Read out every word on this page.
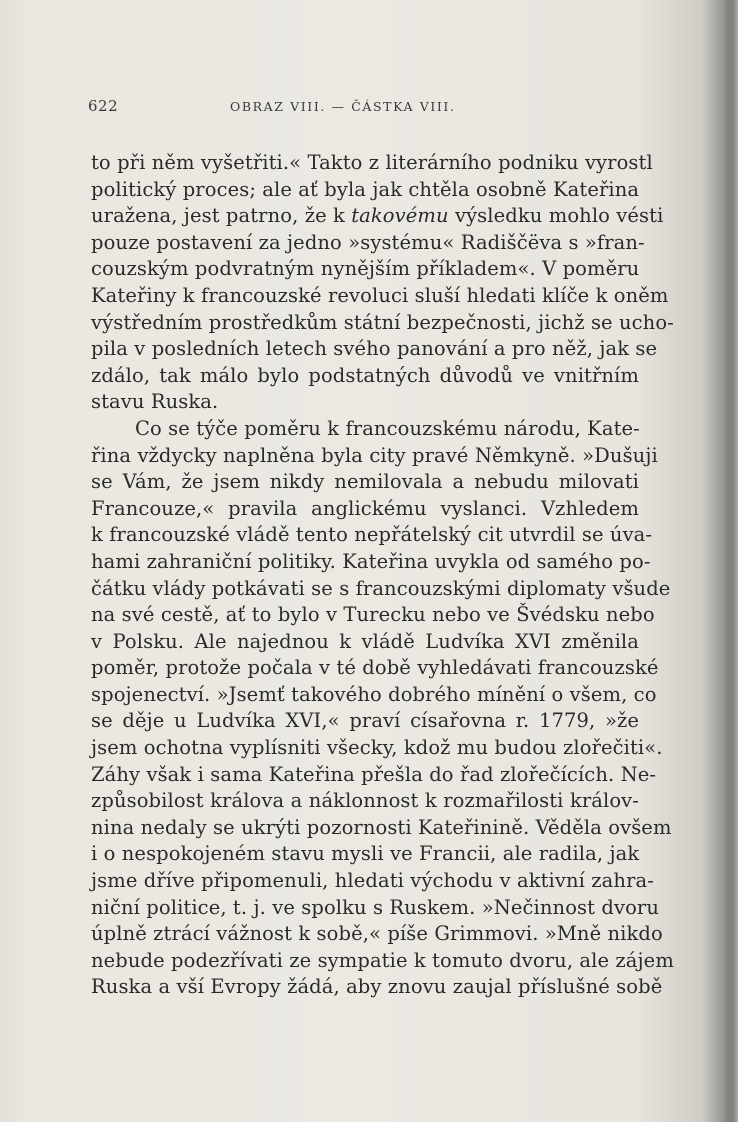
622	OBRAZ VIII. — ČÁSTKA VIII.
to při něm vyšetřiti.« Takto z literárního podniku vyrostl
politický proces; ale ať byla jak chtěla osobně Kateřina
uražena, jest patrno, že k takovému výsledku mohlo vésti
pouze postavení za jedno »systému« Radiščëva s »fran-
couzským podvratným nynějším příkladem«. V poměru
Kateřiny k francouzské revoluci sluší hledati klíče k oněm
výstředním prostředkům státní bezpečnosti, jichž se ucho-
pila v posledních letech svého panování a pro něž, jak se
zdálo, tak málo bylo podstatných důvodů ve vnitřním
stavu Ruska.
Co se týče poměru k francouzskému národu, Kate-
řina vždycky naplněna byla city pravé Němkyně. »Dušuji
se Vám, že jsem nikdy nemilovala a nebudu milovati
Francouze,« pravila anglickému vyslanci. Vzhledem
k francouzské vládě tento nepřátelský cit utvrdil se úva-
hami zahraniční politiky. Kateřina uvykla od samého po-
čátku vlády potkávati se s francouzskými diplomaty všude
na své cestě, ať to bylo v Turecku nebo ve Švédsku nebo
v Polsku. Ale najednou k vládě Ludvíka XVI změnila
poměr, protože počala v té době vyhledávati francouzské
spojenectví. »Jsemť takového dobrého mínění o všem, co
se děje u Ludvíka XVI,« praví císařovna r. 1779, »že
jsem ochotna vyplísniti všecky, kdož mu budou zlořečiti«.
Záhy však i sama Kateřina přešla do řad zlořečících. Ne-
způsobilost králova a náklonnost k rozmařilosti králov-
nina nedaly se ukrýti pozornosti Kateřinině. Věděla ovšem
i o nespokojeném stavu mysli ve Francii, ale radila, jak
jsme dříve připomenuli, hledati východu v aktivní zahra-
niční politice, t. j. ve spolku s Ruskem. »Nečinnost dvoru
úplně ztrácí vážnost k sobě,« píše Grimmovi. »Mně nikdo
nebude podezřívati ze sympatie k tomuto dvoru, ale zájem
Ruska a vší Evropy žádá, aby znovu zaujal příslušné sobě
